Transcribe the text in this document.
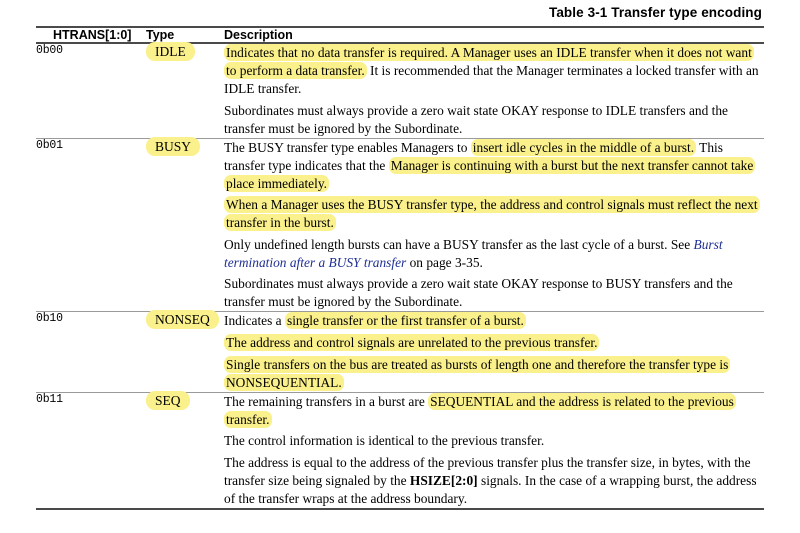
Table 3-1 Transfer type encoding
HTRANS[1:0]	Type	Description

0b00	IDLE	Indicates that no data transfer is required. A Manager uses an IDLE transfer when it does not want to perform a data transfer. It is recommended that the Manager terminates a locked transfer with an IDLE transfer.

Subordinates must always provide a zero wait state OKAY response to IDLE transfers and the transfer must be ignored by the Subordinate.

0b01	BUSY	The BUSY transfer type enables Managers to insert idle cycles in the middle of a burst. This transfer type indicates that the Manager is continuing with a burst but the next transfer cannot take place immediately.

When a Manager uses the BUSY transfer type, the address and control signals must reflect the next transfer in the burst.

Only undefined length bursts can have a BUSY transfer as the last cycle of a burst. See Burst termination after a BUSY transfer on page 3-35.

Subordinates must always provide a zero wait state OKAY response to BUSY transfers and the transfer must be ignored by the Subordinate.

0b10	NONSEQ	Indicates a single transfer or the first transfer of a burst.

The address and control signals are unrelated to the previous transfer.

Single transfers on the bus are treated as bursts of length one and therefore the transfer type is NONSEQUENTIAL.

0b11	SEQ	The remaining transfers in a burst are SEQUENTIAL and the address is related to the previous transfer.

The control information is identical to the previous transfer.

The address is equal to the address of the previous transfer plus the transfer size, in bytes, with the transfer size being signaled by the HSIZE[2:0] signals. In the case of a wrapping burst, the address of the transfer wraps at the address boundary.
